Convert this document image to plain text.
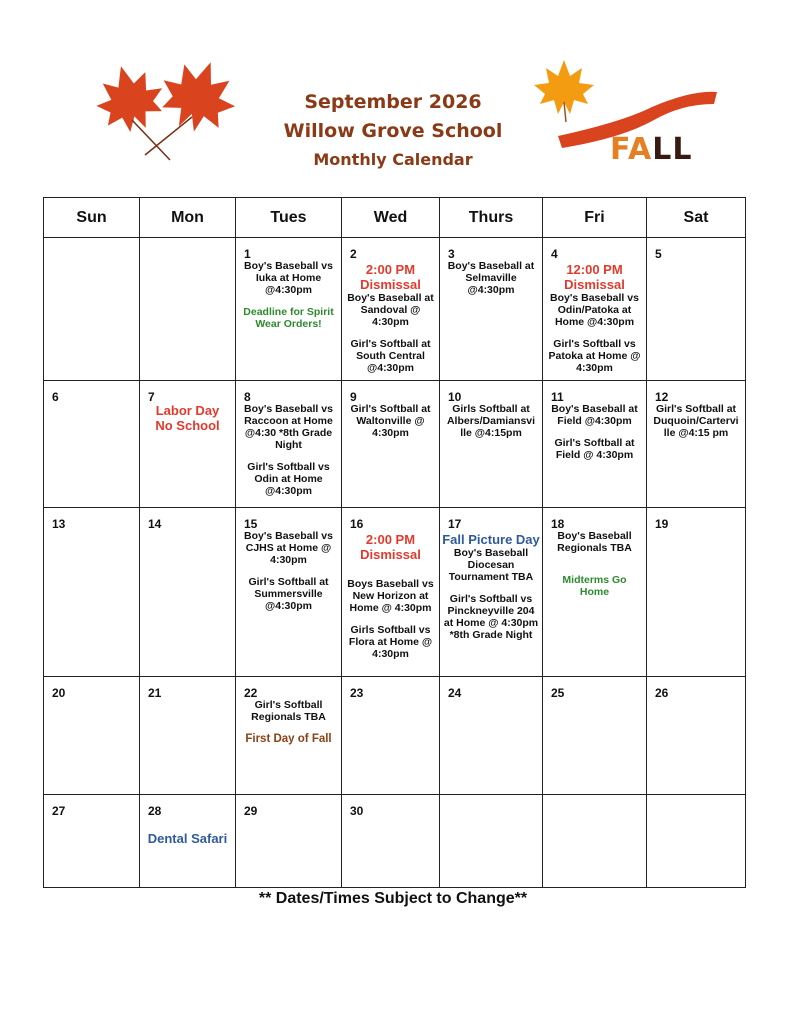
September 2026
Willow Grove School
Monthly Calendar
Hello
FALL
Sun	Mon	Tues	Wed	Thurs	Fri	Sat

		1
Boy's Baseball vs Iuka at Home @4:30pm
Deadline for Spirit Wear Orders!	2
2:00 PM Dismissal
Boy's Baseball at Sandoval @ 4:30pm
Girl's Softball at South Central @4:30pm	3
Boy's Baseball at Selmaville @4:30pm	4
12:00 PM Dismissal
Boy's Baseball vs Odin/Patoka at Home @4:30pm
Girl's Softball vs Patoka at Home @ 4:30pm	5

6	7
Labor Day No School	8
Boy's Baseball vs Raccoon at Home @4:30 *8th Grade Night
Girl's Softball vs Odin at Home @4:30pm	9
Girl's Softball at Waltonville @ 4:30pm	10
Girls Softball at Albers/Damiansvi lle @4:15pm	11
Boy's Baseball at Field @4:30pm
Girl's Softball at Field @ 4:30pm	12
Girl's Softball at Duquoin/Cartervi lle @4:15 pm

13	14	15
Boy's Baseball vs CJHS at Home @ 4:30pm
Girl's Softball at Summersville @4:30pm	16
2:00 PM Dismissal
Boys Baseball vs New Horizon at Home @ 4:30pm
Girls Softball vs Flora at Home @ 4:30pm	17
Fall Picture Day
Boy's Baseball Diocesan Tournament TBA
Girl's Softball vs Pinckneyville 204 at Home @ 4:30pm *8th Grade Night	18
Boy's Baseball Regionals TBA
Midterms Go Home	19

20	21	22
Girl's Softball Regionals TBA
First Day of Fall	23	24	25	26

27	28
Dental Safari	29	30			

** Dates/Times Subject to Change**
